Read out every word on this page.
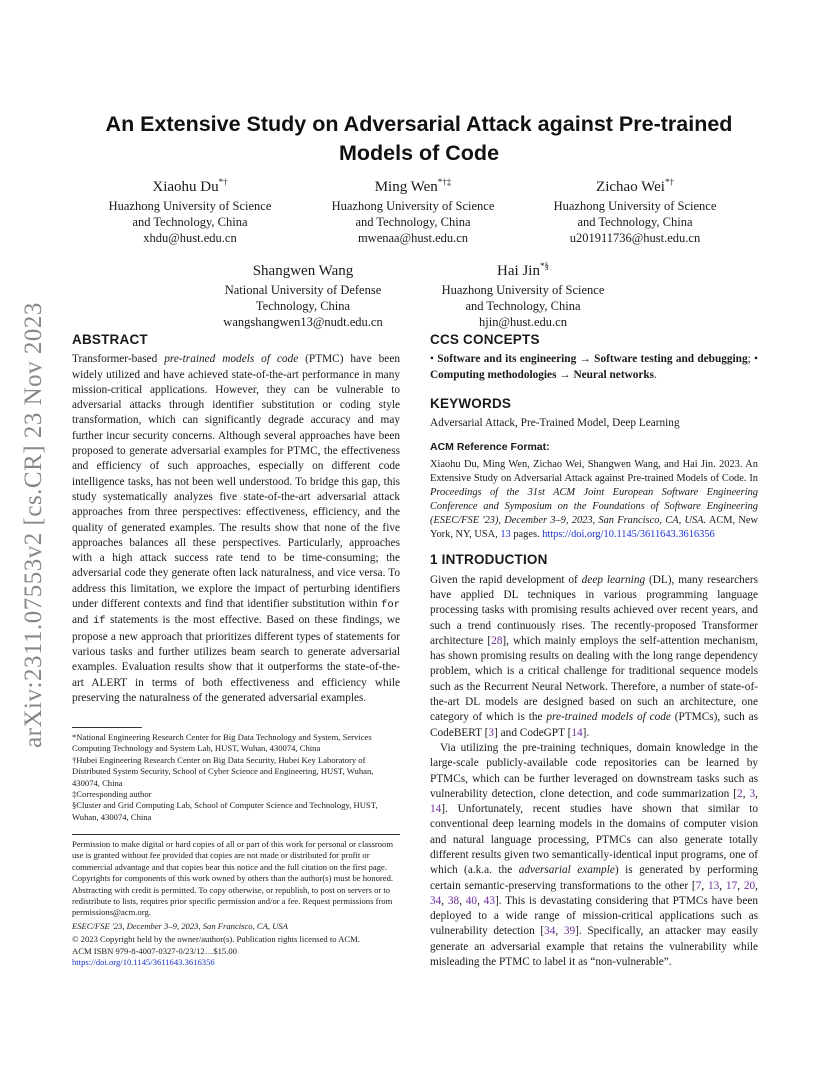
arXiv:2311.07553v2 [cs.CR] 23 Nov 2023
An Extensive Study on Adversarial Attack against Pre-trained
Models of Code
Xiaohu Du*†
Huazhong University of Science
and Technology, China
xhdu@hust.edu.cn
Ming Wen*†‡
Huazhong University of Science
and Technology, China
mwenaa@hust.edu.cn
Zichao Wei*†
Huazhong University of Science
and Technology, China
u201911736@hust.edu.cn
Shangwen Wang
National University of Defense
Technology, China
wangshangwen13@nudt.edu.cn
Hai Jin*§
Huazhong University of Science
and Technology, China
hjin@hust.edu.cn
ABSTRACT

Transformer-based pre-trained models of code (PTMC) have been widely utilized and have achieved state-of-the-art performance in many mission-critical applications. However, they can be vulnerable to adversarial attacks through identifier substitution or coding style transformation, which can significantly degrade accuracy and may further incur security concerns. Although several approaches have been proposed to generate adversarial examples for PTMC, the effectiveness and efficiency of such approaches, especially on different code intelligence tasks, has not been well understood. To bridge this gap, this study systematically analyzes five state-of-the-art adversarial attack approaches from three perspectives: effectiveness, efficiency, and the quality of generated examples. The results show that none of the five approaches balances all these perspectives. Particularly, approaches with a high attack success rate tend to be time-consuming; the adversarial code they generate often lack naturalness, and vice versa. To address this limitation, we explore the impact of perturbing identifiers under different contexts and find that identifier substitution within for and if statements is the most effective. Based on these findings, we propose a new approach that prioritizes different types of statements for various tasks and further utilizes beam search to generate adversarial examples. Evaluation results show that it outperforms the state-of-the-art ALERT in terms of both effectiveness and efficiency while preserving the naturalness of the generated adversarial examples.

*National Engineering Research Center for Big Data Technology and System, Services Computing Technology and System Lab, HUST, Wuhan, 430074, China

†Hubei Engineering Research Center on Big Data Security, Hubei Key Laboratory of Distributed System Security, School of Cyber Science and Engineering, HUST, Wuhan, 430074, China

‡Corresponding author

§Cluster and Grid Computing Lab, School of Computer Science and Technology, HUST, Wuhan, 430074, China

Permission to make digital or hard copies of all or part of this work for personal or classroom use is granted without fee provided that copies are not made or distributed for profit or commercial advantage and that copies bear this notice and the full citation on the first page. Copyrights for components of this work owned by others than the author(s) must be honored. Abstracting with credit is permitted. To copy otherwise, or republish, to post on servers or to redistribute to lists, requires prior specific permission and/or a fee. Request permissions from permissions@acm.org.

ESEC/FSE '23, December 3–9, 2023, San Francisco, CA, USA

© 2023 Copyright held by the owner/author(s). Publication rights licensed to ACM.

ACM ISBN 979-8-4007-0327-0/23/12…$15.00

https://doi.org/10.1145/3611643.3616356

CCS CONCEPTS

• Software and its engineering → Software testing and debugging; • Computing methodologies → Neural networks.

KEYWORDS

Adversarial Attack, Pre-Trained Model, Deep Learning

ACM Reference Format:

Xiaohu Du, Ming Wen, Zichao Wei, Shangwen Wang, and Hai Jin. 2023. An Extensive Study on Adversarial Attack against Pre-trained Models of Code. In Proceedings of the 31st ACM Joint European Software Engineering Conference and Symposium on the Foundations of Software Engineering (ESEC/FSE '23), December 3–9, 2023, San Francisco, CA, USA. ACM, New York, NY, USA, 13 pages. https://doi.org/10.1145/3611643.3616356

1 INTRODUCTION

Given the rapid development of deep learning (DL), many researchers have applied DL techniques in various programming language processing tasks with promising results achieved over recent years, and such a trend continuously rises. The recently-proposed Transformer architecture [28], which mainly employs the self-attention mechanism, has shown promising results on dealing with the long range dependency problem, which is a critical challenge for traditional sequence models such as the Recurrent Neural Network. Therefore, a number of state-of-the-art DL models are designed based on such an architecture, one category of which is the pre-trained models of code (PTMCs), such as CodeBERT [3] and CodeGPT [14].

Via utilizing the pre-training techniques, domain knowledge in the large-scale publicly-available code repositories can be learned by PTMCs, which can be further leveraged on downstream tasks such as vulnerability detection, clone detection, and code summarization [2, 3, 14]. Unfortunately, recent studies have shown that similar to conventional deep learning models in the domains of computer vision and natural language processing, PTMCs can also generate totally different results given two semantically-identical input programs, one of which (a.k.a. the adversarial example) is generated by performing certain semantic-preserving transformations to the other [7, 13, 17, 20, 34, 38, 40, 43]. This is devastating considering that PTMCs have been deployed to a wide range of mission-critical applications such as vulnerability detection [34, 39]. Specifically, an attacker may easily generate an adversarial example that retains the vulnerability while misleading the PTMC to label it as “non-vulnerable”.
